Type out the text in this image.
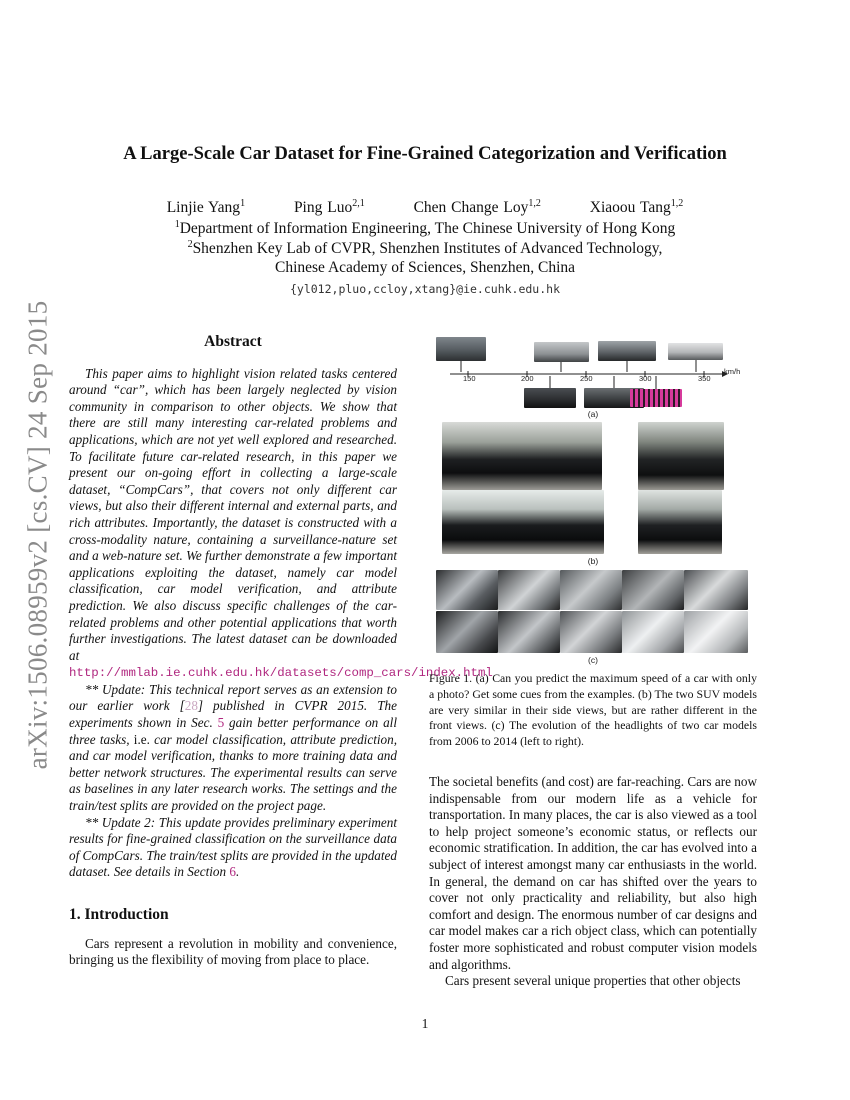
arXiv:1506.08959v2 [cs.CV] 24 Sep 2015
A Large-Scale Car Dataset for Fine-Grained Categorization and Verification
Linjie Yang$^1$	Ping Luo$^{2,1}$	Chen Change Loy$^{1,2}$	Xiaoou Tang$^{1,2}$
$^1$Department of Information Engineering, The Chinese University of Hong Kong
$^2$Shenzhen Key Lab of CVPR, Shenzhen Institutes of Advanced Technology,
Chinese Academy of Sciences, Shenzhen, China
{yl012,pluo,ccloy,xtang}@ie.cuhk.edu.hk
Abstract

This paper aims to highlight vision related tasks centered around “car”, which has been largely neglected by vision community in comparison to other objects. We show that there are still many interesting car-related problems and applications, which are not yet well explored and researched. To facilitate future car-related research, in this paper we present our on-going effort in collecting a large-scale dataset, “CompCars”, that covers not only different car views, but also their different internal and external parts, and rich attributes. Importantly, the dataset is constructed with a cross-modality nature, containing a surveillance-nature set and a web-nature set. We further demonstrate a few important applications exploiting the dataset, namely car model classification, car model verification, and attribute prediction. We also discuss specific challenges of the car-related problems and other potential applications that worth further investigations. The latest dataset can be downloaded at http://mmlab.ie.cuhk.edu.hk/datasets/comp_cars/index.html

** Update: This technical report serves as an extension to our earlier work [28] published in CVPR 2015. The experiments shown in Sec. 5 gain better performance on all three tasks, i.e. car model classification, attribute prediction, and car model verification, thanks to more training data and better network structures. The experimental results can serve as baselines in any later research works. The settings and the train/test splits are provided on the project page.

** Update 2: This update provides preliminary experiment results for fine-grained classification on the surveillance data of CompCars. The train/test splits are provided in the updated dataset. See details in Section 6.

1. Introduction

Cars represent a revolution in mobility and convenience, bringing us the flexibility of moving from place to place.

150	200	250	300	350
km/h
(a)
(b)
(c)
Figure 1. (a) Can you predict the maximum speed of a car with only a photo? Get some cues from the examples. (b) The two SUV models are very similar in their side views, but are rather different in the front views. (c) The evolution of the headlights of two car models from 2006 to 2014 (left to right).

The societal benefits (and cost) are far-reaching. Cars are now indispensable from our modern life as a vehicle for transportation. In many places, the car is also viewed as a tool to help project someone’s economic status, or reflects our economic stratification. In addition, the car has evolved into a subject of interest amongst many car enthusiasts in the world. In general, the demand on car has shifted over the years to cover not only practicality and reliability, but also high comfort and design. The enormous number of car designs and car model makes car a rich object class, which can potentially foster more sophisticated and robust computer vision models and algorithms.

Cars present several unique properties that other objects

1
